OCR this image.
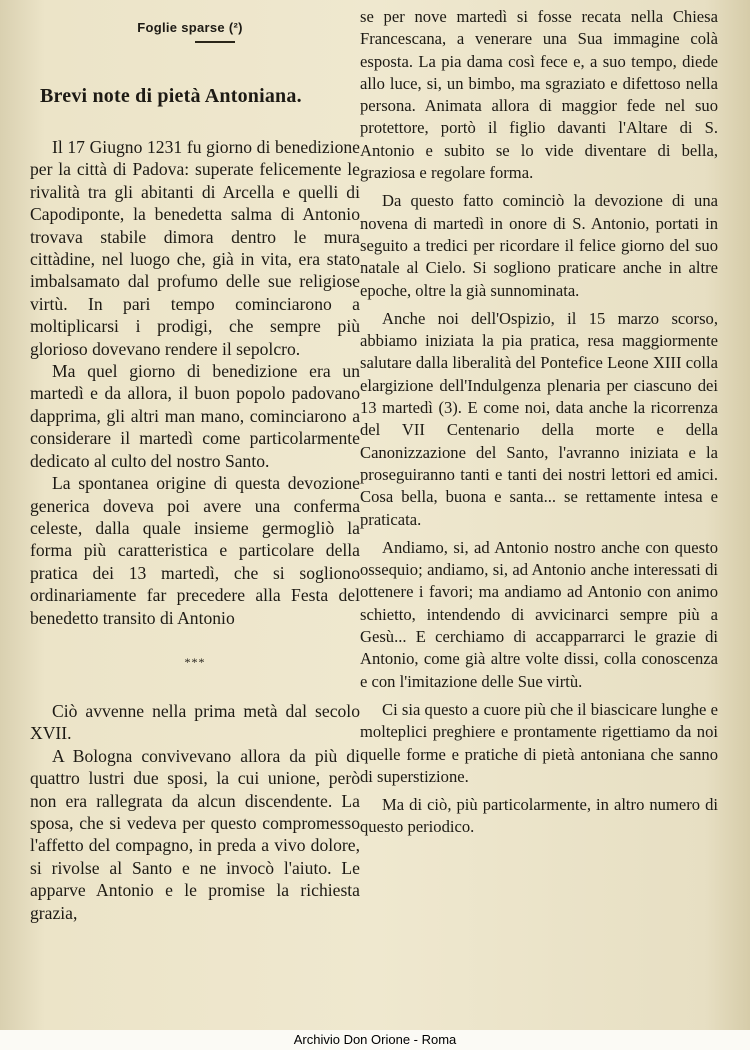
Foglie sparse (²)
Brevi note di pietà Antoniana.

Il 17 Giugno 1231 fu giorno di benedizione per la città di Padova: superate felicemente le rivalità tra gli abitanti di Arcella e quelli di Capodiponte, la benedetta salma di Antonio trovava stabile dimora dentro le mura cittàdine, nel luogo che, già in vita, era stato imbalsamato dal profumo delle sue religiose virtù. In pari tempo cominciarono a moltiplicarsi i prodigi, che sempre più glorioso dovevano rendere il sepolcro.

Ma quel giorno di benedizione era un martedì e da allora, il buon popolo padovano dapprima, gli altri man mano, cominciarono a considerare il martedì come particolarmente dedicato al culto del nostro Santo.

La spontanea origine di questa devozione generica doveva poi avere una conferma celeste, dalla quale insieme germogliò la forma più caratteristica e particolare della pratica dei 13 martedì, che si sogliono ordinariamente far precedere alla Festa del benedetto transito di Antonio

***

Ciò avvenne nella prima metà dal secolo XVII.

A Bologna convivevano allora da più di quattro lustri due sposi, la cui unione, però non era rallegrata da alcun discendente. La sposa, che si vedeva per questo compromesso l'affetto del compagno, in preda a vivo dolore, si rivolse al Santo e ne invocò l'aiuto. Le apparve Antonio e le promise la richiesta grazia,

se per nove martedì si fosse recata nella Chiesa Francescana, a venerare una Sua immagine colà esposta. La pia dama così fece e, a suo tempo, diede allo luce, si, un bimbo, ma sgraziato e difettoso nella persona. Animata allora di maggior fede nel suo protettore, portò il figlio davanti l'Altare di S. Antonio e subito se lo vide diventare di bella, graziosa e regolare forma.

Da questo fatto cominciò la devozione di una novena di martedì in onore di S. Antonio, portati in seguito a tredici per ricordare il felice giorno del suo natale al Cielo. Si sogliono praticare anche in altre epoche, oltre la già sunnominata.

Anche noi dell'Ospizio, il 15 marzo scorso, abbiamo iniziata la pia pratica, resa maggiormente salutare dalla liberalità del Pontefice Leone XIII colla elargizione dell'Indulgenza plenaria per ciascuno dei 13 martedì (3). E come noi, data anche la ricorrenza del VII Centenario della morte e della Canonizzazione del Santo, l'avranno iniziata e la proseguiranno tanti e tanti dei nostri lettori ed amici. Cosa bella, buona e santa... se rettamente intesa e praticata.

Andiamo, si, ad Antonio nostro anche con questo ossequio; andiamo, si, ad Antonio anche interessati di ottenere i favori; ma andiamo ad Antonio con animo schietto, intendendo di avvicinarci sempre più a Gesù... E cerchiamo di accapparrarci le grazie di Antonio, come già altre volte dissi, colla conoscenza e con l'imitazione delle Sue virtù.

Ci sia questo a cuore più che il biascicare lunghe e molteplici preghiere e prontamente rigettiamo da noi quelle forme e pratiche di pietà antoniana che sanno di superstizione.

Ma di ciò, più particolarmente, in altro numero di questo periodico.

Archivio Don Orione - Roma
